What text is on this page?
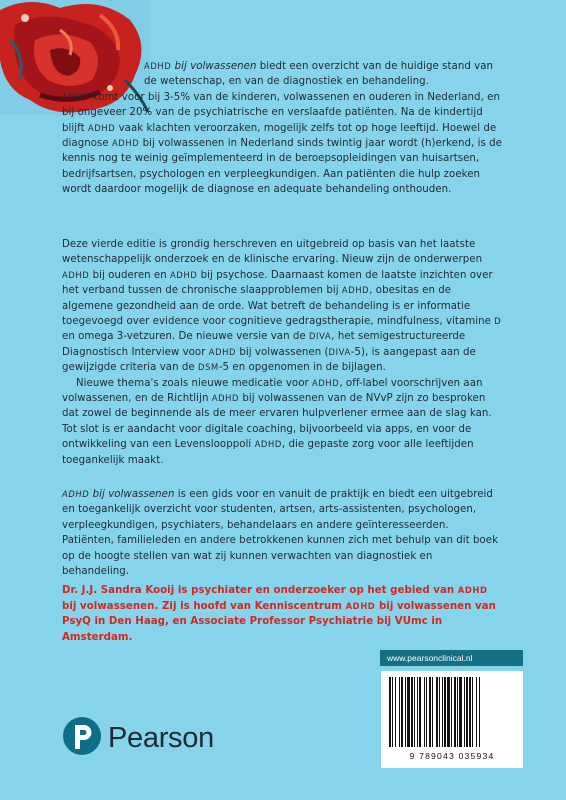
ADHD bij volwassenen biedt een overzicht van de huidige stand van de wetenschap, en van de diagnostiek en behandeling.

ADHD komt voor bij 3-5% van de kinderen, volwassenen en ouderen in Nederland, en bij ongeveer 20% van de psychiatrische en verslaafde patiënten. Na de kindertijd blijft ADHD vaak klachten veroorzaken, mogelijk zelfs tot op hoge leeftijd. Hoewel de diagnose ADHD bij volwassenen in Nederland sinds twintig jaar wordt (h)erkend, is de kennis nog te weinig geïmplementeerd in de beroepsopleidingen van huisartsen, bedrijfsartsen, psychologen en verpleegkundigen. Aan patiënten die hulp zoeken wordt daardoor mogelijk de diagnose en adequate behandeling onthouden.

Deze vierde editie is grondig herschreven en uitgebreid op basis van het laatste wetenschappelijk onderzoek en de klinische ervaring. Nieuw zijn de onderwerpen ADHD bij ouderen en ADHD bij psychose. Daarnaast komen de laatste inzichten over het verband tussen de chronische slaapproblemen bij ADHD, obesitas en de algemene gezondheid aan de orde. Wat betreft de behandeling is er informatie toegevoegd over evidence voor cognitieve gedragstherapie, mindfulness, vitamine D en omega 3-vetzuren. De nieuwe versie van de DIVA, het semigestructureerde Diagnostisch Interview voor ADHD bij volwassenen (DIVA-5), is aangepast aan de gewijzigde criteria van de DSM-5 en opgenomen in de bijlagen.

Nieuwe thema's zoals nieuwe medicatie voor ADHD, off-label voorschrijven aan volwassenen, en de Richtlijn ADHD bij volwassenen van de NVvP zijn zo besproken dat zowel de beginnende als de meer ervaren hulpverlener ermee aan de slag kan. Tot slot is er aandacht voor digitale coaching, bijvoorbeeld via apps, en voor de ontwikkeling van een Levenslooppoli ADHD, die gepaste zorg voor alle leeftijden toegankelijk maakt.

ADHD bij volwassenen is een gids voor en vanuit de praktijk en biedt een uitgebreid en toegankelijk overzicht voor studenten, artsen, arts-assistenten, psychologen, verpleegkundigen, psychiaters, behandelaars en andere geïnteresseerden. Patiënten, familieleden en andere betrokkenen kunnen zich met behulp van dit boek op de hoogte stellen van wat zij kunnen verwachten van diagnostiek en behandeling.

Dr. J.J. Sandra Kooij is psychiater en onderzoeker op het gebied van ADHD bij volwassenen. Zij is hoofd van Kenniscentrum ADHD bij volwassenen van PsyQ in Den Haag, en Associate Professor Psychiatrie bij VUmc in Amsterdam.

www.pearsonclinical.nl
9 789043 035934
Pearson
